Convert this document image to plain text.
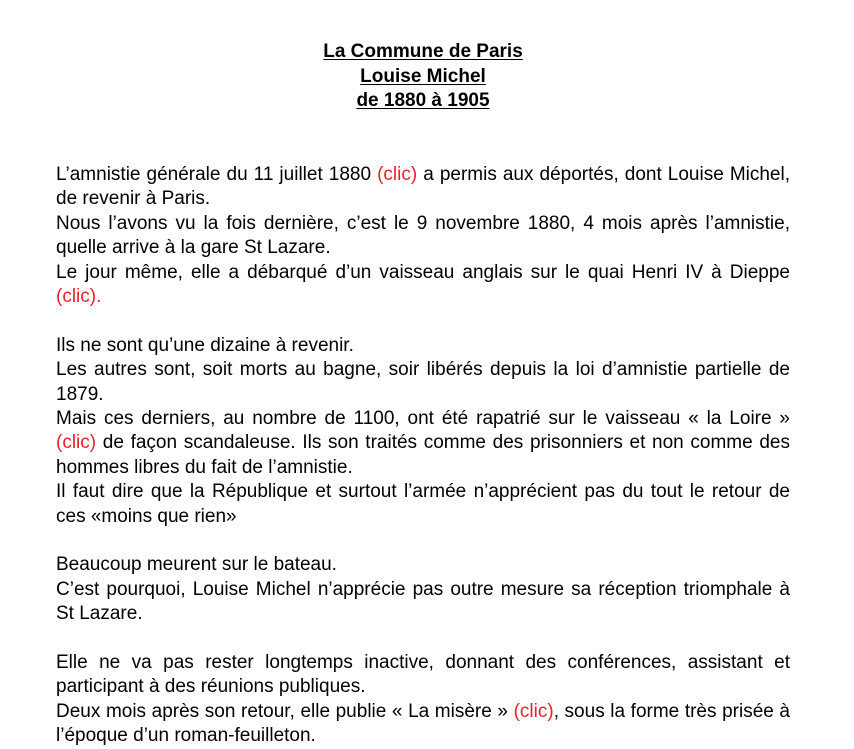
La Commune de Paris
Louise Michel
de 1880 à 1905

L’amnistie générale du 11 juillet 1880 (clic) a permis aux déportés, dont Louise Michel, de revenir à Paris.

Nous l’avons vu la fois dernière, c’est le 9 novembre 1880, 4 mois après l’amnistie, quelle arrive à la gare St Lazare.

Le jour même, elle a débarqué d’un vaisseau anglais sur le quai Henri IV à Dieppe (clic).

Ils ne sont qu’une dizaine à revenir.

Les autres sont, soit morts au bagne, soir libérés depuis la loi d’amnistie partielle de 1879.

Mais ces derniers, au nombre de 1100, ont été rapatrié sur le vaisseau « la Loire » (clic) de façon scandaleuse. Ils son traités comme des prisonniers et non comme des hommes libres du fait de l’amnistie.

Il faut dire que la République et surtout l’armée n’apprécient pas du tout le retour de ces «moins que rien»

Beaucoup meurent sur le bateau.

C’est pourquoi, Louise Michel n’apprécie pas outre mesure sa réception triomphale à St Lazare.

Elle ne va pas rester longtemps inactive, donnant des conférences, assistant et participant à des réunions publiques.

Deux mois après son retour, elle publie « La misère » (clic), sous la forme très prisée à l’époque d’un roman-feuilleton.
